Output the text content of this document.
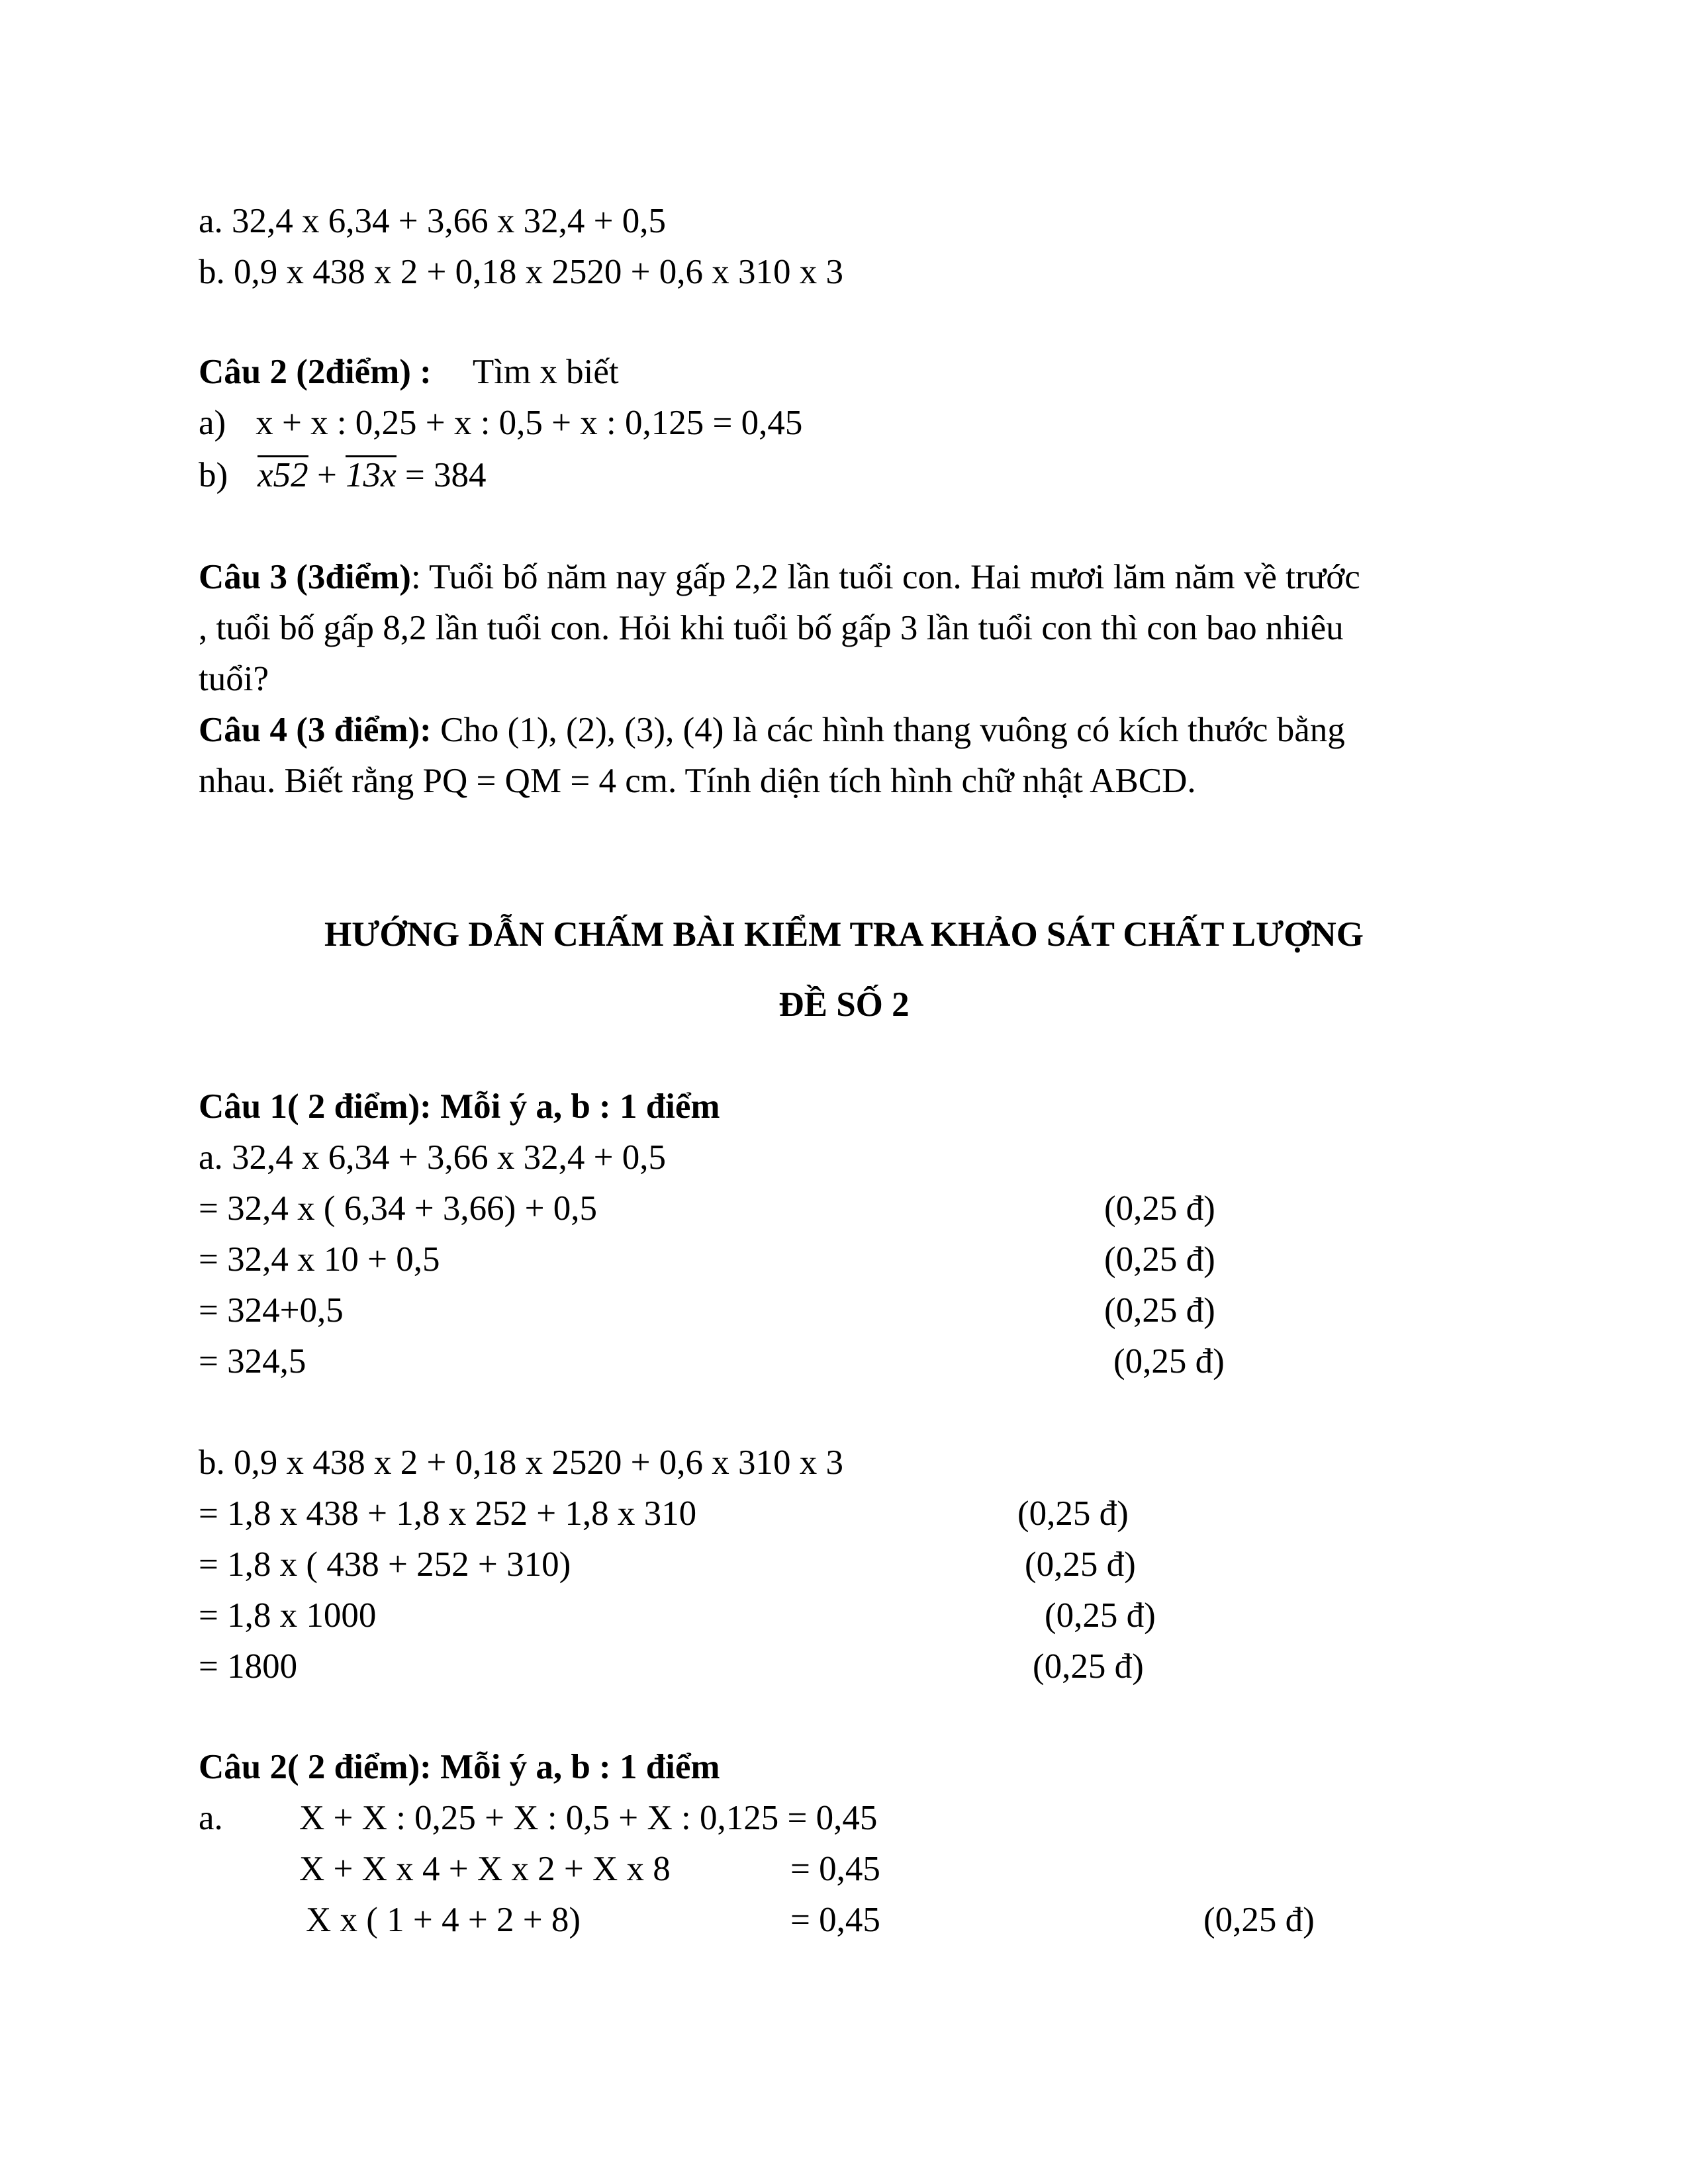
a. 32,4 x 6,34 + 3,66 x 32,4 + 0,5
b. 0,9 x 438 x 2 + 0,18 x 2520 + 0,6 x 310 x 3
Câu 2 (2điểm) : Tìm x biết
a) x + x : 0,25 + x : 0,5 + x : 0,125 = 0,45
b) x52 + 13x = 384
Câu 3 (3điểm): Tuổi bố năm nay gấp 2,2 lần tuổi con. Hai mươi lăm năm về trước
, tuổi bố gấp 8,2 lần tuổi con. Hỏi khi tuổi bố gấp 3 lần tuổi con thì con bao nhiêu
tuổi?
Câu 4 (3 điểm): Cho (1), (2), (3), (4) là các hình thang vuông có kích thước bằng
nhau. Biết rằng PQ = QM = 4 cm. Tính diện tích hình chữ nhật ABCD.
HƯỚNG DẪN CHẤM BÀI KIỂM TRA KHẢO SÁT CHẤT LƯỢNG
ĐỀ SỐ 2
Câu 1( 2 điểm): Mỗi ý a, b : 1 điểm
a. 32,4 x 6,34 + 3,66 x 32,4 + 0,5
= 32,4 x ( 6,34 + 3,66) + 0,5	(0,25 đ)
= 32,4 x 10 + 0,5	(0,25 đ)
= 324+0,5	(0,25 đ)
= 324,5	(0,25 đ)
b. 0,9 x 438 x 2 + 0,18 x 2520 + 0,6 x 310 x 3
= 1,8 x 438 + 1,8 x 252 + 1,8 x 310	(0,25 đ)
= 1,8 x ( 438 + 252 + 310)	(0,25 đ)
= 1,8 x 1000	(0,25 đ)
= 1800	(0,25 đ)
Câu 2( 2 điểm): Mỗi ý a, b : 1 điểm
a. X + X : 0,25 + X : 0,5 + X : 0,125 = 0,45
X + X x 4 + X x 2 + X x 8	= 0,45
X x ( 1 + 4 + 2 + 8)	= 0,45	(0,25 đ)
